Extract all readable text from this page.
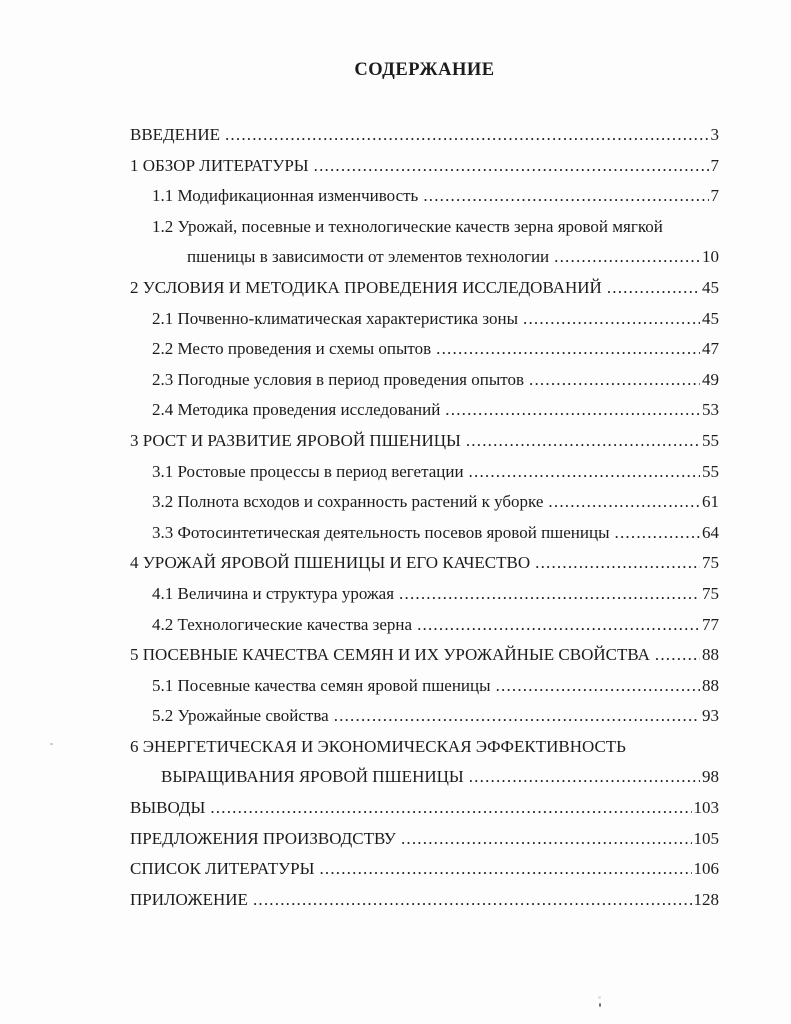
СОДЕРЖАНИЕ
ВВЕДЕНИЕ .....	3
1 ОБЗОР ЛИТЕРАТУРЫ .....	7
1.1 Модификационная изменчивость .....	7
1.2 Урожай, посевные и технологические качеств зерна яровой мягкой
пшеницы в зависимости от элементов технологии .....	10
2 УСЛОВИЯ И МЕТОДИКА ПРОВЕДЕНИЯ ИССЛЕДОВАНИЙ .....	45
2.1 Почвенно-климатическая характеристика зоны .....	45
2.2 Место проведения и схемы опытов .....	47
2.3 Погодные условия в период проведения опытов .....	49
2.4 Методика проведения исследований .....	53
3 РОСТ И РАЗВИТИЕ ЯРОВОЙ ПШЕНИЦЫ .....	55
3.1 Ростовые процессы в период вегетации .....	55
3.2 Полнота всходов и сохранность растений к уборке .....	61
3.3 Фотосинтетическая деятельность посевов яровой пшеницы .....	64
4 УРОЖАЙ ЯРОВОЙ ПШЕНИЦЫ И ЕГО КАЧЕСТВО .....	75
4.1 Величина и структура урожая .....	75
4.2 Технологические качества зерна .....	77
5 ПОСЕВНЫЕ КАЧЕСТВА СЕМЯН И ИХ УРОЖАЙНЫЕ СВОЙСТВА .....	88
5.1 Посевные качества семян яровой пшеницы .....	88
5.2 Урожайные свойства .....	93
6 ЭНЕРГЕТИЧЕСКАЯ И ЭКОНОМИЧЕСКАЯ ЭФФЕКТИВНОСТЬ
ВЫРАЩИВАНИЯ ЯРОВОЙ ПШЕНИЦЫ .....	98
ВЫВОДЫ .....	103
ПРЕДЛОЖЕНИЯ ПРОИЗВОДСТВУ .....	105
СПИСОК ЛИТЕРАТУРЫ .....	106
ПРИЛОЖЕНИЕ .....	128
